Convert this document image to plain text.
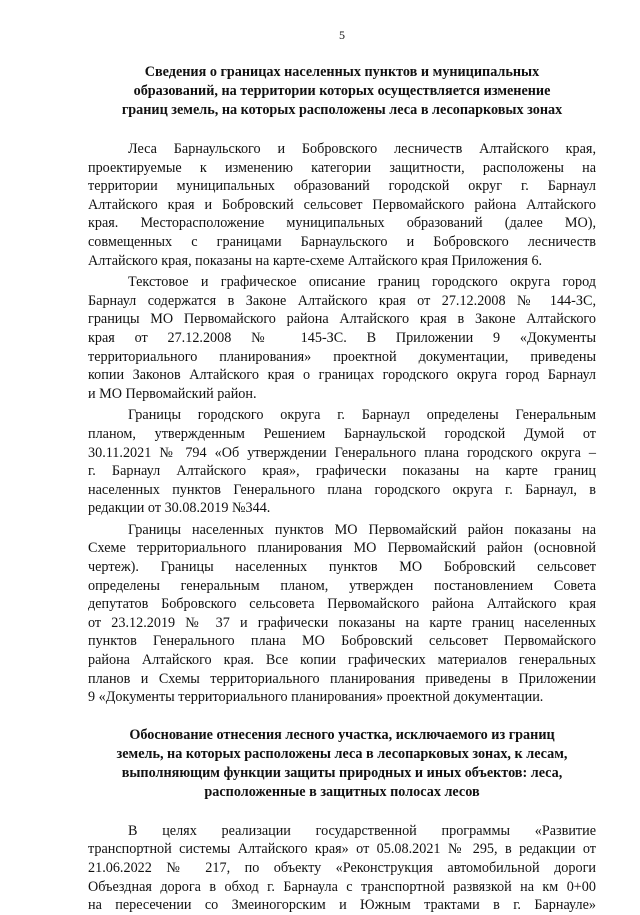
5
Сведения о границах населенных пунктов и муниципальных
образований, на территории которых осуществляется изменение
границ земель, на которых расположены леса в лесопарковых зонах
Леса Барнаульского и Бобровского лесничеств Алтайского края,
проектируемые к изменению категории защитности, расположены на
территории муниципальных образований городской округ г. Барнаул
Алтайского края и Бобровский сельсовет Первомайского района Алтайского
края. Месторасположение муниципальных образований (далее МО),
совмещенных с границами Барнаульского и Бобровского лесничеств
Алтайского края, показаны на карте-схеме Алтайского края Приложения 6.
Текстовое и графическое описание границ городского округа город
Барнаул содержатся в Законе Алтайского края от 27.12.2008 № 144-ЗС,
границы МО Первомайского района Алтайского края в Законе Алтайского
края от 27.12.2008 № 145-ЗС. В Приложении 9 «Документы
территориального планирования» проектной документации, приведены
копии Законов Алтайского края о границах городского округа город Барнаул
и МО Первомайский район.
Границы городского округа г. Барнаул определены Генеральным
планом, утвержденным Решением Барнаульской городской Думой от
30.11.2021 № 794 «Об утверждении Генерального плана городского округа –
г. Барнаул Алтайского края», графически показаны на карте границ
населенных пунктов Генерального плана городского округа г. Барнаул, в
редакции от 30.08.2019 №344.
Границы населенных пунктов МО Первомайский район показаны на
Схеме территориального планирования МО Первомайский район (основной
чертеж). Границы населенных пунктов МО Бобровский сельсовет
определены генеральным планом, утвержден постановлением Совета
депутатов Бобровского сельсовета Первомайского района Алтайского края
от 23.12.2019 № 37 и графически показаны на карте границ населенных
пунктов Генерального плана МО Бобровский сельсовет Первомайского
района Алтайского края. Все копии графических материалов генеральных
планов и Схемы территориального планирования приведены в Приложении
9 «Документы территориального планирования» проектной документации.
Обоснование отнесения лесного участка, исключаемого из границ
земель, на которых расположены леса в лесопарковых зонах, к лесам,
выполняющим функции защиты природных и иных объектов: леса,
расположенные в защитных полосах лесов
В целях реализации государственной программы «Развитие
транспортной системы Алтайского края» от 05.08.2021 № 295, в редакции от
21.06.2022 № 217, по объекту «Реконструкция автомобильной дороги
Объездная дорога в обход г. Барнаула с транспортной развязкой на км 0+00
на пересечении со Змеиногорским и Южным трактами в г. Барнауле»
